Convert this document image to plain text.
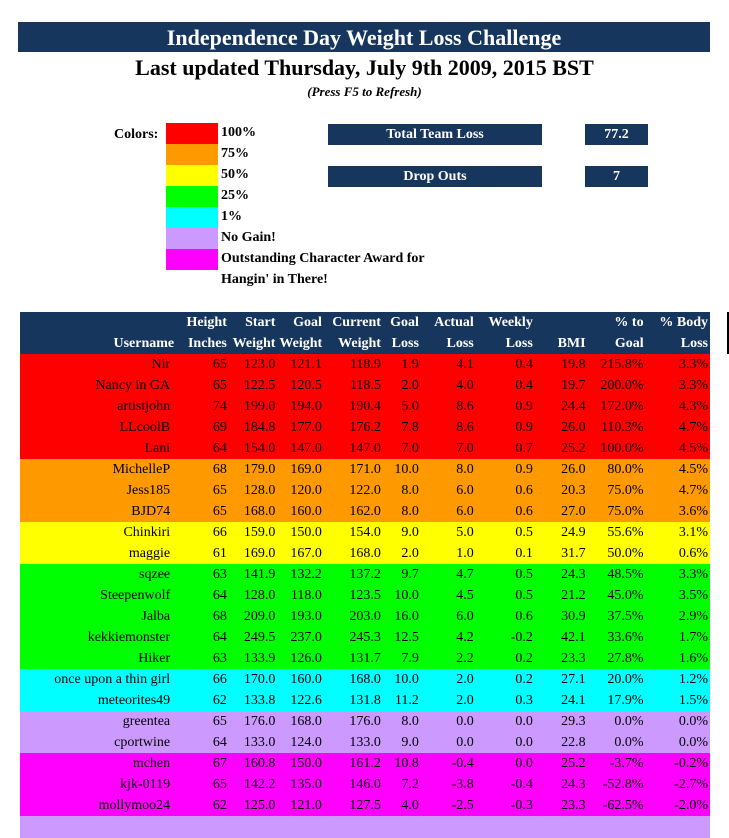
Independence Day Weight Loss Challenge
Last updated Thursday, July 9th 2009, 2015 BST
(Press F5 to Refresh)
Colors:	100%
75%
50%
25%
1%
No Gain!
Outstanding Character Award for
Hangin' in There!
Total Team Loss	77.2
Drop Outs	7
	Height	Start	Goal	Current	Goal	Actual	Weekly		% to	% Body
Username	Inches	Weight	Weight	Weight	Loss	Loss	Loss	BMI	Goal	Loss
Nir	65	123.0	121.1	118.9	1.9	4.1	0.4	19.8	215.8%	3.3%
Nancy in GA	65	122.5	120.5	118.5	2.0	4.0	0.4	19.7	200.0%	3.3%
artistjohn	74	199.0	194.0	190.4	5.0	8.6	0.9	24.4	172.0%	4.3%
LLcoolB	69	184.8	177.0	176.2	7.8	8.6	0.9	26.0	110.3%	4.7%
Lani	64	154.0	147.0	147.0	7.0	7.0	0.7	25.2	100.0%	4.5%
MichelleP	68	179.0	169.0	171.0	10.0	8.0	0.9	26.0	80.0%	4.5%
Jess185	65	128.0	120.0	122.0	8.0	6.0	0.6	20.3	75.0%	4.7%
BJD74	65	168.0	160.0	162.0	8.0	6.0	0.6	27.0	75.0%	3.6%
Chinkiri	66	159.0	150.0	154.0	9.0	5.0	0.5	24.9	55.6%	3.1%
maggie	61	169.0	167.0	168.0	2.0	1.0	0.1	31.7	50.0%	0.6%
sqzee	63	141.9	132.2	137.2	9.7	4.7	0.5	24.3	48.5%	3.3%
Steepenwolf	64	128.0	118.0	123.5	10.0	4.5	0.5	21.2	45.0%	3.5%
Jalba	68	209.0	193.0	203.0	16.0	6.0	0.6	30.9	37.5%	2.9%
kekkiemonster	64	249.5	237.0	245.3	12.5	4.2	-0.2	42.1	33.6%	1.7%
Hiker	63	133.9	126.0	131.7	7.9	2.2	0.2	23.3	27.8%	1.6%
once upon a thin girl	66	170.0	160.0	168.0	10.0	2.0	0.2	27.1	20.0%	1.2%
meteorites49	62	133.8	122.6	131.8	11.2	2.0	0.3	24.1	17.9%	1.5%
greentea	65	176.0	168.0	176.0	8.0	0.0	0.0	29.3	0.0%	0.0%
cportwine	64	133.0	124.0	133.0	9.0	0.0	0.0	22.8	0.0%	0.0%
mchen	67	160.8	150.0	161.2	10.8	-0.4	0.0	25.2	-3.7%	-0.2%
kjk-0119	65	142.2	135.0	146.0	7.2	-3.8	-0.4	24.3	-52.8%	-2.7%
mollymoo24	62	125.0	121.0	127.5	4.0	-2.5	-0.3	23.3	-62.5%	-2.0%
